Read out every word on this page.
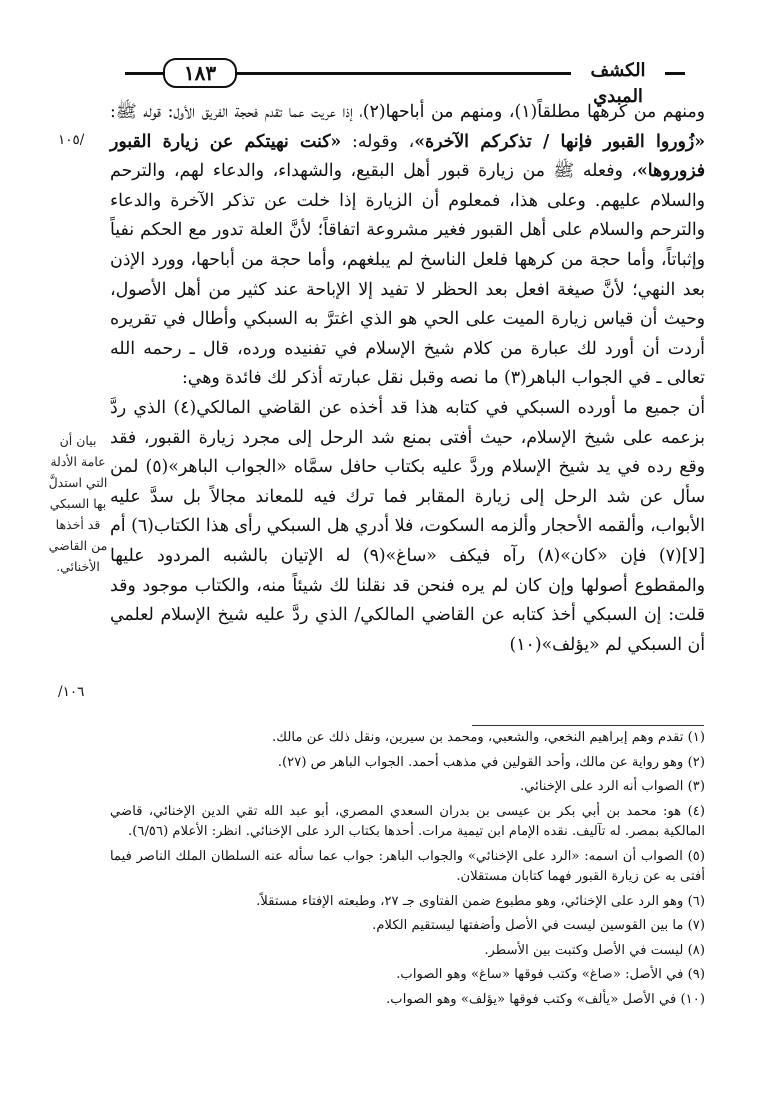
١٨٣	الكشف المبدي
١٠٥/
/١٠٦
بيان أن عامة الأدلة التي استدلَّ بها السبكي قد أخذها من القاضي الأخنائي.

ومنهم من كرهها مطلقاً(١)، ومنهم من أباحها(٢)، إذا عريت عما تقدم فحجة الفريق الأول: قوله ﷺ: «زُوروا القبور فإنها / تذكركم الآخرة»، وقوله: «كنت نهيتكم عن زيارة القبور فزوروها»، وفعله ﷺ من زيارة قبور أهل البقيع، والشهداء، والدعاء لهم، والترحم والسلام عليهم. وعلى هذا، فمعلوم أن الزيارة إذا خلت عن تذكر الآخرة والدعاء والترحم والسلام على أهل القبور فغير مشروعة اتفاقاً؛ لأنَّ العلة تدور مع الحكم نفياً وإثباتاً، وأما حجة من كرهها فلعل الناسخ لم يبلغهم، وأما حجة من أباحها، وورد الإذن بعد النهي؛ لأنَّ صيغة افعل بعد الحظر لا تفيد إلا الإباحة عند كثير من أهل الأصول، وحيث أن قياس زيارة الميت على الحي هو الذي اغترَّ به السبكي وأطال في تقريره أردت أن أورد لك عبارة من كلام شيخ الإسلام في تفنيده ورده، قال ـ رحمه الله تعالى ـ في الجواب الباهر(٣) ما نصه وقبل نقل عبارته أذكر لك فائدة وهي:

أن جميع ما أورده السبكي في كتابه هذا قد أخذه عن القاضي المالكي(٤) الذي ردَّ بزعمه على شيخ الإسلام، حيث أفتى بمنع شد الرحل إلى مجرد زيارة القبور، فقد وقع رده في يد شيخ الإسلام وردَّ عليه بكتاب حافل سمَّاه «الجواب الباهر»(٥) لمن سأل عن شد الرحل إلى زيارة المقابر فما ترك فيه للمعاند مجالاً بل سدَّ عليه الأبواب، وألقمه الأحجار وألزمه السكوت، فلا أدري هل السبكي رأى هذا الكتاب(٦) أم [لا](٧) فإن «كان»(٨) رآه فيكف «ساغ»(٩) له الإتيان بالشبه المردود عليها والمقطوع أصولها وإن كان لم يره فنحن قد نقلنا لك شيئاً منه، والكتاب موجود وقد قلت: إن السبكي أخذ كتابه عن القاضي المالكي/ الذي ردَّ عليه شيخ الإسلام لعلمي أن السبكي لم «يؤلف»(١٠)

(١) تقدم وهم إبراهيم النخعي، والشعبي، ومحمد بن سيرين، ونقل ذلك عن مالك.

(٢) وهو رواية عن مالك، وأحد القولين في مذهب أحمد. الجواب الباهر ص (٢٧).

(٣) الصواب أنه الرد على الإخنائي.

(٤) هو: محمد بن أبي بكر بن عيسى بن بدران السعدي المصري، أبو عبد الله تقي الدين الإخنائي، قاضي المالكية بمصر. له تآليف. نقده الإمام ابن تيمية مرات. أحدها بكتاب الرد على الإخنائي. انظر: الأعلام (٦/٥٦).

(٥) الصواب أن اسمه: «الرد على الإخنائي» والجواب الباهر: جواب عما سأله عنه السلطان الملك الناصر فيما أفتى به عن زيارة القبور فهما كتابان مستقلان.

(٦) وهو الرد على الإخنائي، وهو مطبوع ضمن الفتاوى جـ ٢٧، وطبعته الإفتاء مستقلاً.

(٧) ما بين القوسين ليست في الأصل وأضفتها ليستقيم الكلام.

(٨) ليست في الأصل وكتبت بين الأسطر.

(٩) في الأصل: «صاغ» وكتب فوقها «ساغ» وهو الصواب.

(١٠) في الأصل «يألف» وكتب فوقها «يؤلف» وهو الصواب.
